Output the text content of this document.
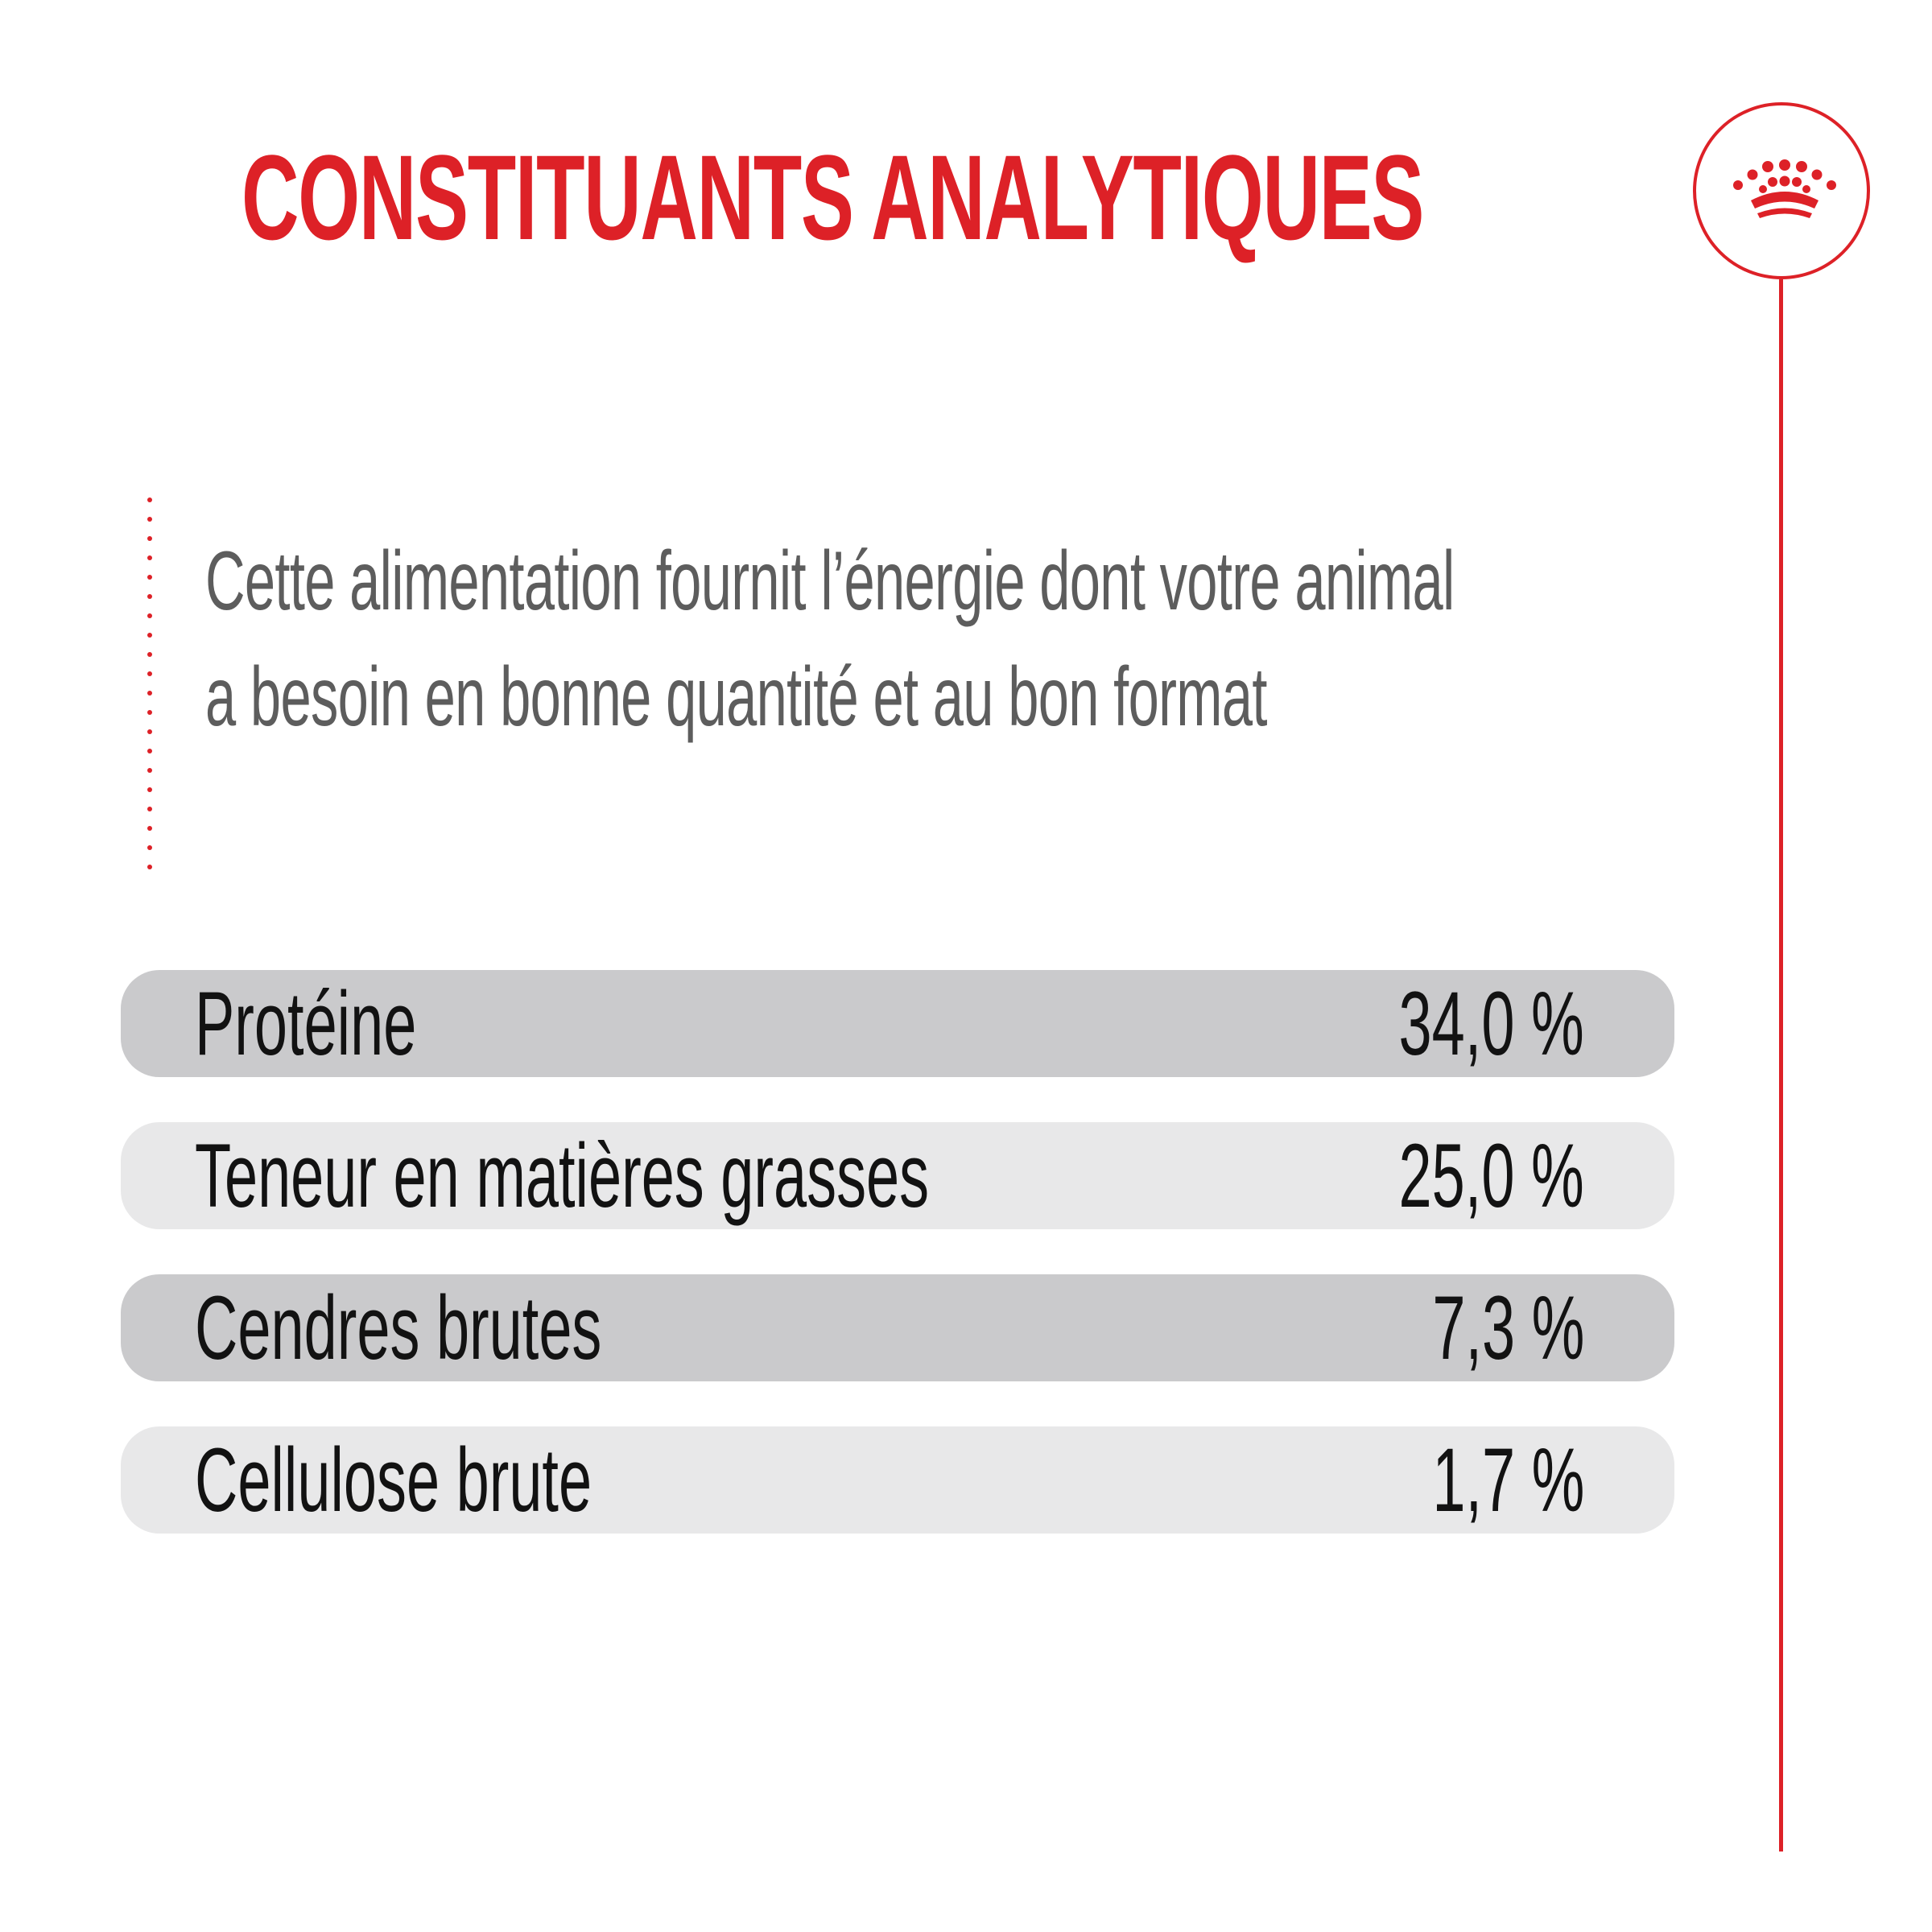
CONSTITUANTS ANALYTIQUES

Cette alimentation fournit l’énergie dont votre animal
a besoin en bonne quantité et au bon format

Protéine	34,0 %
Teneur en matières grasses	25,0 %
Cendres brutes	7,3 %
Cellulose brute	1,7 %
